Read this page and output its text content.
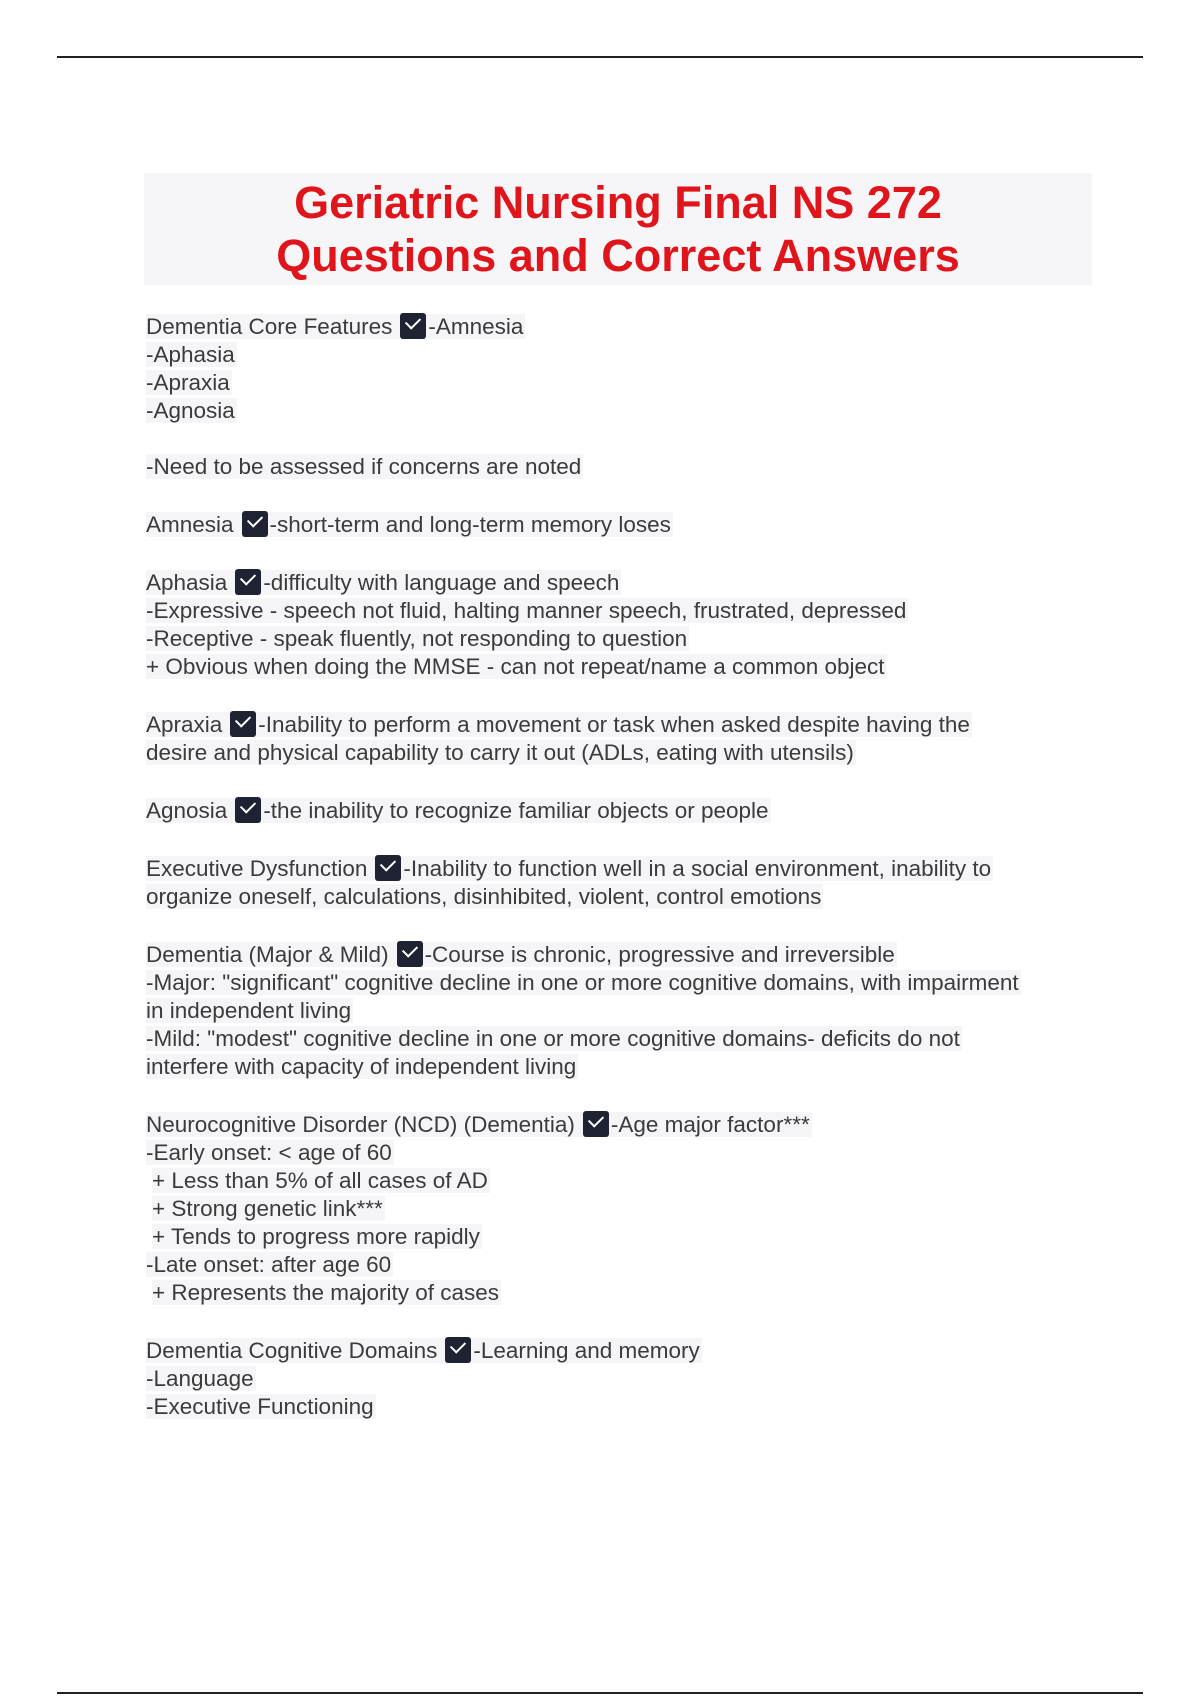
Geriatric Nursing Final NS 272
Questions and Correct Answers
Dementia Core Features -Amnesia
-Aphasia
-Apraxia
-Agnosia
-Need to be assessed if concerns are noted
Amnesia -short-term and long-term memory loses
Aphasia -difficulty with language and speech
-Expressive - speech not fluid, halting manner speech, frustrated, depressed
-Receptive - speak fluently, not responding to question
+ Obvious when doing the MMSE - can not repeat/name a common object
Apraxia -Inability to perform a movement or task when asked despite having the
desire and physical capability to carry it out (ADLs, eating with utensils)
Agnosia -the inability to recognize familiar objects or people
Executive Dysfunction -Inability to function well in a social environment, inability to
organize oneself, calculations, disinhibited, violent, control emotions
Dementia (Major & Mild) -Course is chronic, progressive and irreversible
-Major: "significant" cognitive decline in one or more cognitive domains, with impairment
in independent living
-Mild: "modest" cognitive decline in one or more cognitive domains- deficits do not
interfere with capacity of independent living
Neurocognitive Disorder (NCD) (Dementia) -Age major factor***
-Early onset: < age of 60
+ Less than 5% of all cases of AD
+ Strong genetic link***
+ Tends to progress more rapidly
-Late onset: after age 60
+ Represents the majority of cases
Dementia Cognitive Domains -Learning and memory
-Language
-Executive Functioning
